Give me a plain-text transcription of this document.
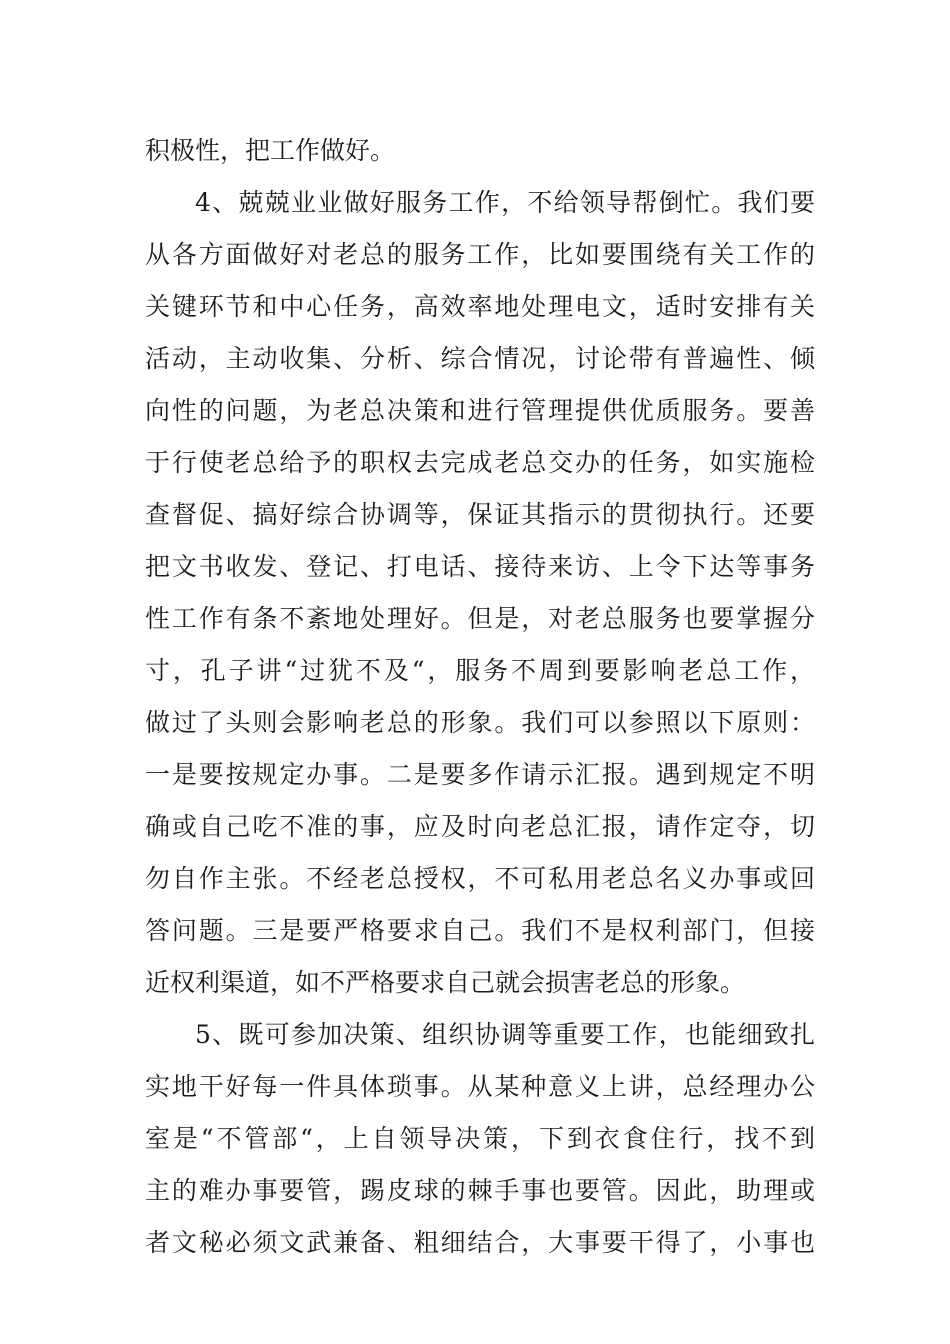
积极性，把工作做好。
4、兢兢业业做好服务工作，不给领导帮倒忙。我们要
从各方面做好对老总的服务工作，比如要围绕有关工作的
关键环节和中心任务，高效率地处理电文，适时安排有关
活动，主动收集、分析、综合情况，讨论带有普遍性、倾
向性的问题，为老总决策和进行管理提供优质服务。要善
于行使老总给予的职权去完成老总交办的任务，如实施检
查督促、搞好综合协调等，保证其指示的贯彻执行。还要
把文书收发、登记、打电话、接待来访、上令下达等事务
性工作有条不紊地处理好。但是，对老总服务也要掌握分
寸，孔子讲“过犹不及“，服务不周到要影响老总工作，
做过了头则会影响老总的形象。我们可以参照以下原则：
一是要按规定办事。二是要多作请示汇报。遇到规定不明
确或自己吃不准的事，应及时向老总汇报，请作定夺，切
勿自作主张。不经老总授权，不可私用老总名义办事或回
答问题。三是要严格要求自己。我们不是权利部门，但接
近权利渠道，如不严格要求自己就会损害老总的形象。
5、既可参加决策、组织协调等重要工作，也能细致扎
实地干好每一件具体琐事。从某种意义上讲，总经理办公
室是“不管部“，上自领导决策，下到衣食住行，找不到
主的难办事要管，踢皮球的棘手事也要管。因此，助理或
者文秘必须文武兼备、粗细结合，大事要干得了，小事也
